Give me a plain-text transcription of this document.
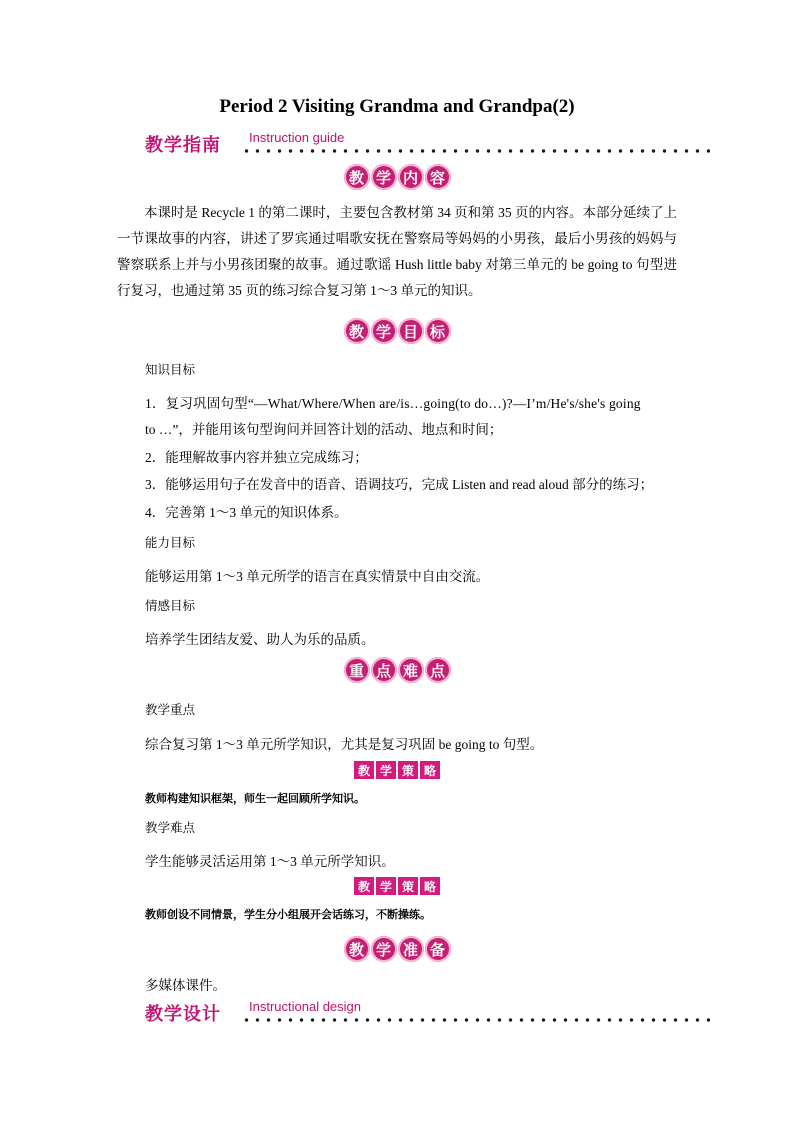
Period 2 Visiting Grandma and Grandpa(2)
教学指南 Instruction guide
教 学 内 容
本课时是 Recycle 1 的第二课时，主要包含教材第 34 页和第 35 页的内容。本部分延续了上一节课故事的内容，讲述了罗宾通过唱歌安抚在警察局等妈妈的小男孩，最后小男孩的妈妈与警察联系上并与小男孩团聚的故事。通过歌谣 Hush little baby 对第三单元的 be going to 句型进行复习，也通过第 35 页的练习综合复习第 1～3 单元的知识。
教 学 目 标
知识目标
1．复习巩固句型“—What/Where/When are/is…going(to do…)?—I’m/He's/she's going
to …”，并能用该句型询问并回答计划的活动、地点和时间；
2．能理解故事内容并独立完成练习；
3．能够运用句子在发音中的语音、语调技巧，完成 Listen and read aloud 部分的练习；
4．完善第 1～3 单元的知识体系。
能力目标
能够运用第 1～3 单元所学的语言在真实情景中自由交流。
情感目标
培养学生团结友爱、助人为乐的品质。
重 点 难 点
教学重点
综合复习第 1～3 单元所学知识，尤其是复习巩固 be going to 句型。
教 学 策 略
教师构建知识框架，师生一起回顾所学知识。
教学难点
学生能够灵活运用第 1～3 单元所学知识。
教 学 策 略
教师创设不同情景，学生分小组展开会话练习，不断操练。
教 学 准 备
多媒体课件。
教学设计 Instructional design
